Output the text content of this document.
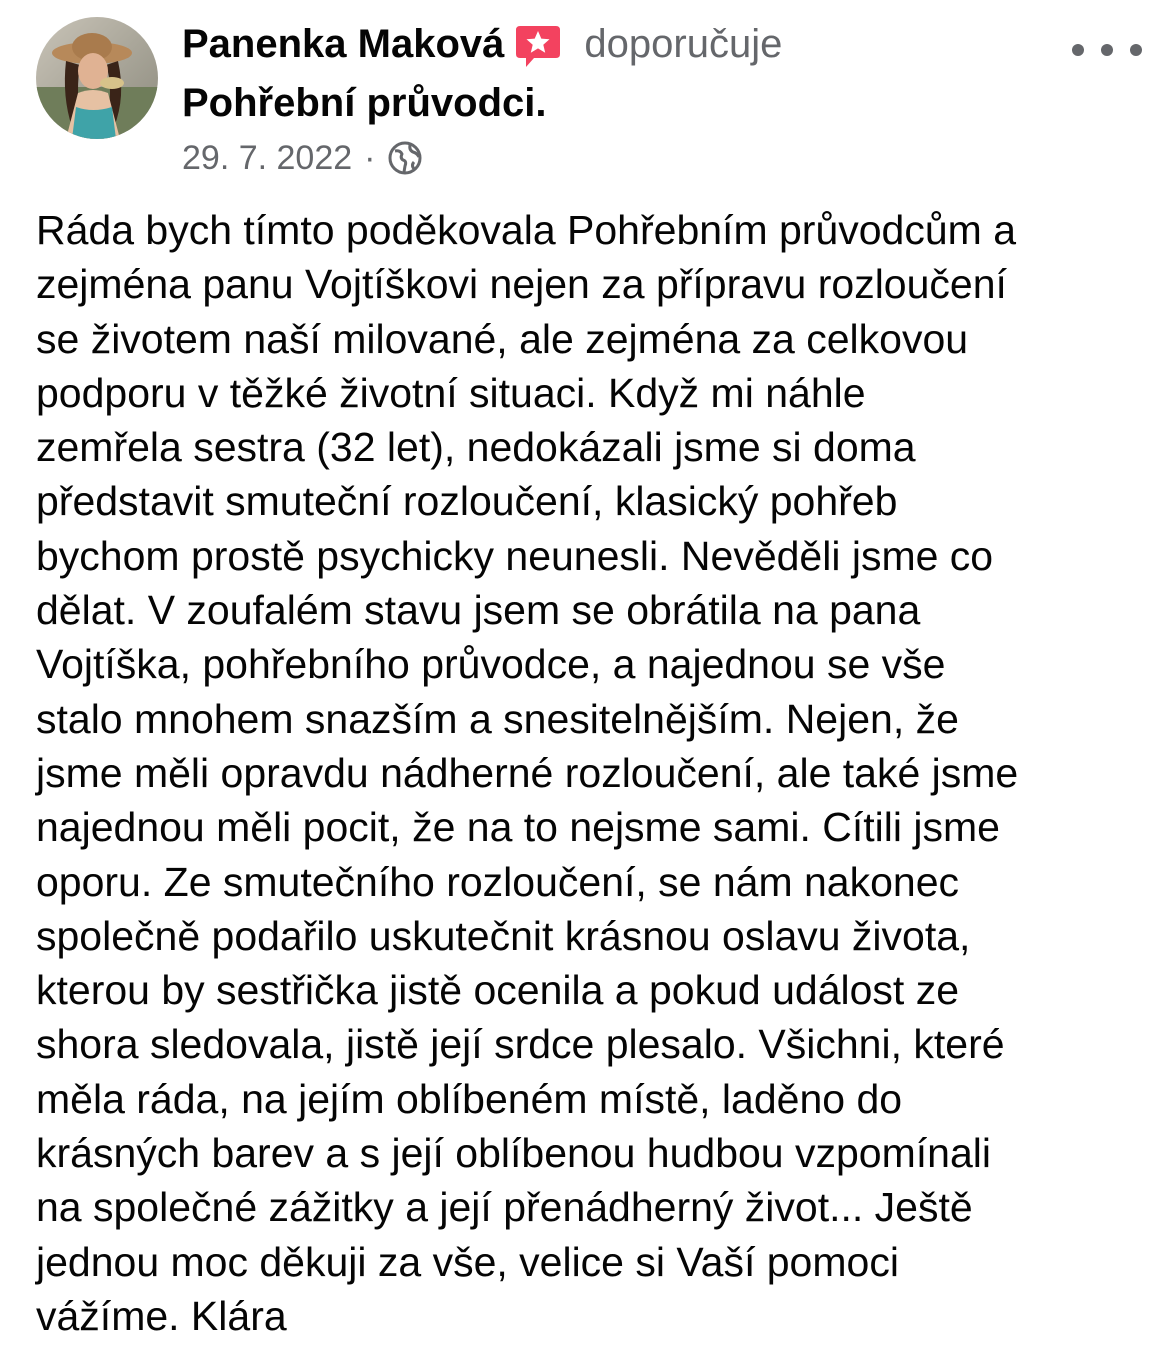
Panenka Maková doporučuje
Pohřební průvodci.
29. 7. 2022 ·
Ráda bych tímto poděkovala Pohřebním průvodcům a
zejména panu Vojtíškovi nejen za přípravu rozloučení
se životem naší milované, ale zejména za celkovou
podporu v těžké životní situaci. Když mi náhle
zemřela sestra (32 let), nedokázali jsme si doma
představit smuteční rozloučení, klasický pohřeb
bychom prostě psychicky neunesli. Nevěděli jsme co
dělat. V zoufalém stavu jsem se obrátila na pana
Vojtíška, pohřebního průvodce, a najednou se vše
stalo mnohem snazším a snesitelnějším. Nejen, že
jsme měli opravdu nádherné rozloučení, ale také jsme
najednou měli pocit, že na to nejsme sami. Cítili jsme
oporu. Ze smutečního rozloučení, se nám nakonec
společně podařilo uskutečnit krásnou oslavu života,
kterou by sestřička jistě ocenila a pokud událost ze
shora sledovala, jistě její srdce plesalo. Všichni, které
měla ráda, na jejím oblíbeném místě, laděno do
krásných barev a s její oblíbenou hudbou vzpomínali
na společné zážitky a její přenádherný život... Ještě
jednou moc děkuji za vše, velice si Vaší pomoci
vážíme. Klára
